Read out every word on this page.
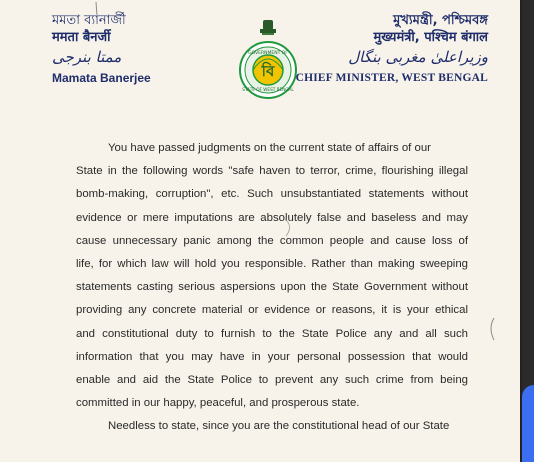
মমতা ব্যানার্জী
ममता बैनर्जी
ممتا بنرجی
Mamata Banerjee	বি
GOVERNMENT OF
STATE OF WEST BENGAL
মুখ্যমন্ত্রী, পশ্চিমবঙ্গ
मुख्यमंत्री, पश्चिम बंगाल
وزیراعلیٰ مغربی بنگال
CHIEF MINISTER, WEST BENGAL
You have passed judgments on the current state of affairs of our
State in the following words "safe haven to terror, crime, flourishing illegal
bomb-making, corruption", etc. Such unsubstantiated statements without
evidence or mere imputations are absolutely false and baseless and may
cause unnecessary panic among the common people and cause loss of
life, for which law will hold you responsible. Rather than making sweeping
statements casting serious aspersions upon the State Government without
providing any concrete material or evidence or reasons, it is your ethical
and constitutional duty to furnish to the State Police any and all such
information that you may have in your personal possession that would
enable and aid the State Police to prevent any such crime from being
committed in our happy, peaceful, and prosperous state.
Needless to state, since you are the constitutional head of our State
